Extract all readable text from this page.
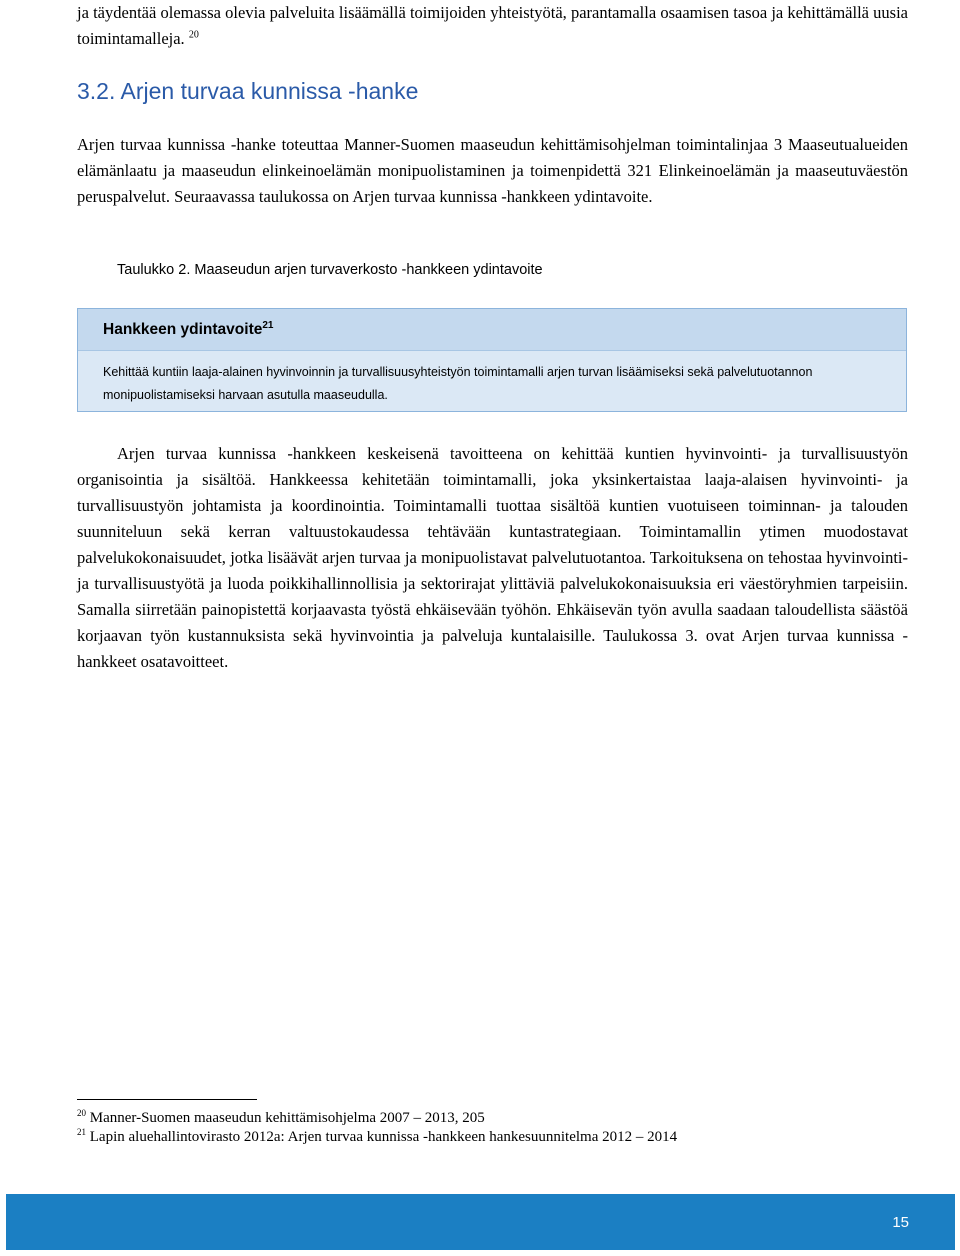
ja täydentää olemassa olevia palveluita lisäämällä toimijoiden yhteistyötä, parantamalla osaamisen tasoa ja kehittämällä uusia toimintamalleja. $^{20}$
3.2. Arjen turvaa kunnissa -hanke
Arjen turvaa kunnissa -hanke toteuttaa Manner-Suomen maaseudun kehittämisohjelman toimintalinjaa 3 Maaseutualueiden elämänlaatu ja maaseudun elinkeinoelämän monipuolistaminen ja toimenpidettä 321 Elinkeinoelämän ja maaseutuväestön peruspalvelut. Seuraavassa taulukossa on Arjen turvaa kunnissa -hankkeen ydintavoite.
Taulukko 2. Maaseudun arjen turvaverkosto -hankkeen ydintavoite
Hankkeen ydintavoite$^{21}$
Kehittää kuntiin laaja-alainen hyvinvoinnin ja turvallisuusyhteistyön toimintamalli arjen turvan lisäämiseksi sekä palvelutuotannon monipuolistamiseksi harvaan asutulla maaseudulla.
Arjen turvaa kunnissa -hankkeen keskeisenä tavoitteena on kehittää kuntien hyvinvointi- ja turvallisuustyön organisointia ja sisältöä. Hankkeessa kehitetään toimintamalli, joka yksinkertaistaa laaja-alaisen hyvinvointi- ja turvallisuustyön johtamista ja koordinointia. Toimintamalli tuottaa sisältöä kuntien vuotuiseen toiminnan- ja talouden suunniteluun sekä kerran valtuustokaudessa tehtävään kuntastrategiaan. Toimintamallin ytimen muodostavat palvelukokonaisuudet, jotka lisäävät arjen turvaa ja monipuolistavat palvelutuotantoa. Tarkoituksena on tehostaa hyvinvointi- ja turvallisuustyötä ja luoda poikkihallinnollisia ja sektorirajat ylittäviä palvelukokonaisuuksia eri väestöryhmien tarpeisiin. Samalla siirretään painopistettä korjaavasta työstä ehkäisevään työhön. Ehkäisevän työn avulla saadaan taloudellista säästöä korjaavan työn kustannuksista sekä hyvinvointia ja palveluja kuntalaisille. Taulukossa 3. ovat Arjen turvaa kunnissa -hankkeet osatavoitteet.
$^{20}$ Manner-Suomen maaseudun kehittämisohjelma 2007 – 2013, 205
$^{21}$ Lapin aluehallintovirasto 2012a: Arjen turvaa kunnissa -hankkeen hankesuunnitelma 2012 – 2014
15
